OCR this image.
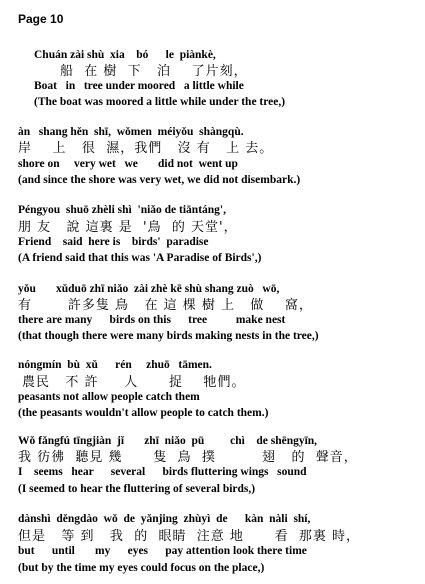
Page 10
Chuán zài shù  xia    bó      le  piànkè,
船  在 樹  下   泊    了片刻，
Boat   in   tree under moored   a little while
(The boat was moored a little while under the tree,)
àn   shang hěn  shī,  wǒmen  méiyǒu  shàngqù.
岸    上   很  濕，我們   沒 有   上 去。
shore on     very wet   we       did not  went up
(and since the shore was very wet, we did not disembark.)
Péngyou  shuō zhèli shì  'niǎo de tiāntáng',
朋 友   說 這裏 是  '鳥  的 天堂'，
Friend    said  here is    birds'  paradise
(A friend said that this was 'A Paradise of Birds',)
yǒu       xǔduō zhī niǎo  zài zhè kē shù shang zuò   wō,
有       許多隻 鳥   在 這 棵 樹 上   做    窩，
there are many      birds on this      tree          make nest
(that though there were many birds making nests in the tree,)
nóngmín  bù  xǔ      rén     zhuō   tāmen.
農民   不 許     人      捉    牠們。
peasants not allow people catch them
(the peasants wouldn't allow people to catch them.)
Wǒ fǎngfú tīngjiàn  jǐ       zhī  niǎo  pū         chì    de shēngyīn,
我 彷彿  聽見 幾      隻  鳥  撲         翅   的  聲音，
I    seems   hear      several      birds fluttering wings   sound
(I seemed to hear the fluttering of several birds,)
dànshì  děngdào  wǒ  de  yǎnjing  zhùyì  de      kàn  nàli  shí,
但是   等 到   我  的  眼睛  注意 地      看  那裏 時，
but      until       my      eyes      pay attention look there time
(but by the time my eyes could focus on the place,)
